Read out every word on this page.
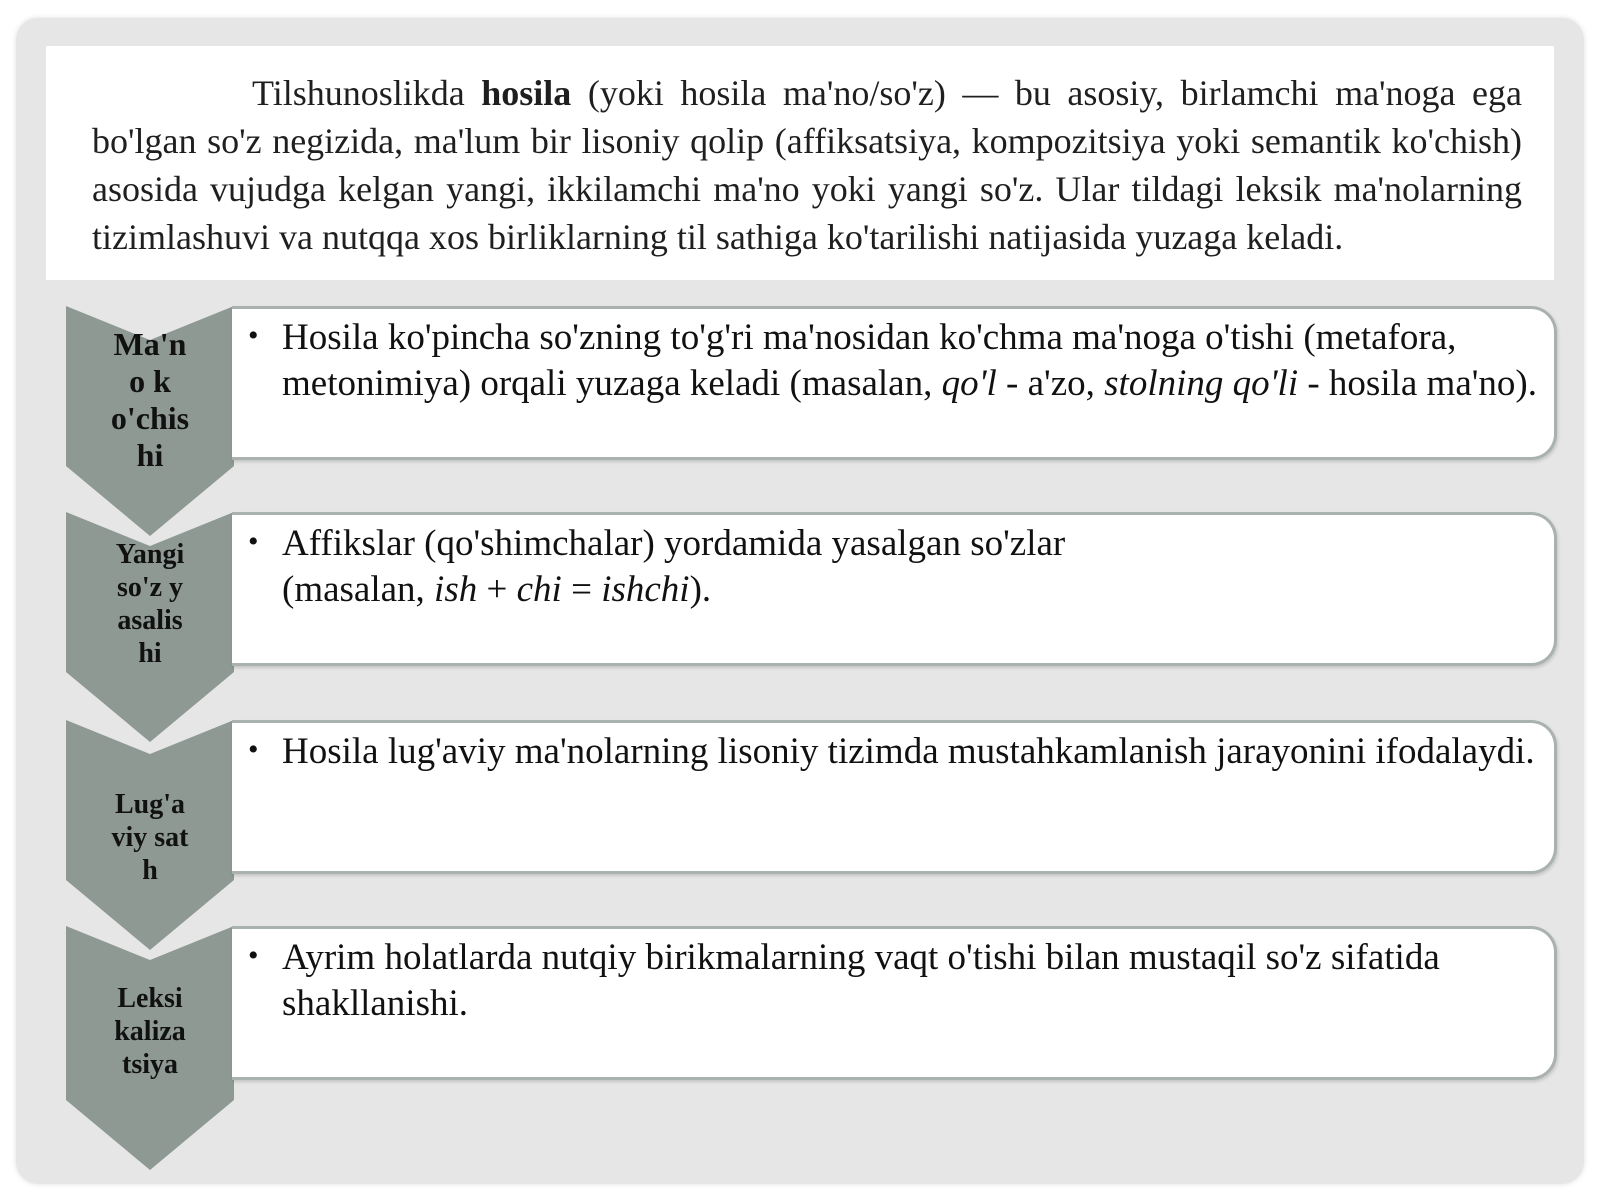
Tilshunoslikda hosila (yoki hosila ma'no/so'z) — bu asosiy, birlamchi ma'noga ega bo'lgan so'z negizida, ma'lum bir lisoniy qolip (affiksatsiya, kompozitsiya yoki semantik ko'chish) asosida vujudga kelgan yangi, ikkilamchi ma'no yoki yangi so'z. Ular tildagi leksik ma'nolarning tizimlashuvi va nutqqa xos birliklarning til sathiga ko'tarilishi natijasida yuzaga keladi.
Ma'no ko'chishi
• Hosila ko'pincha so'zning to'g'ri ma'nosidan ko'chma ma'noga o'tishi (metafora, metonimiya) orqali yuzaga keladi (masalan, qo'l - a'zo, stolning qo'li - hosila ma'no).
Yangi so'z yasalishi
• Affikslar (qo'shimchalar) yordamida yasalgan so'zlar (masalan, ish + chi = ishchi).
Lug'aviy sath
• Hosila lug'aviy ma'nolarning lisoniy tizimda mustahkamlanish jarayonini ifodalaydi.
Leksikalizatsiya
• Ayrim holatlarda nutqiy birikmalarning vaqt o'tishi bilan mustaqil so'z sifatida shakllanishi.
